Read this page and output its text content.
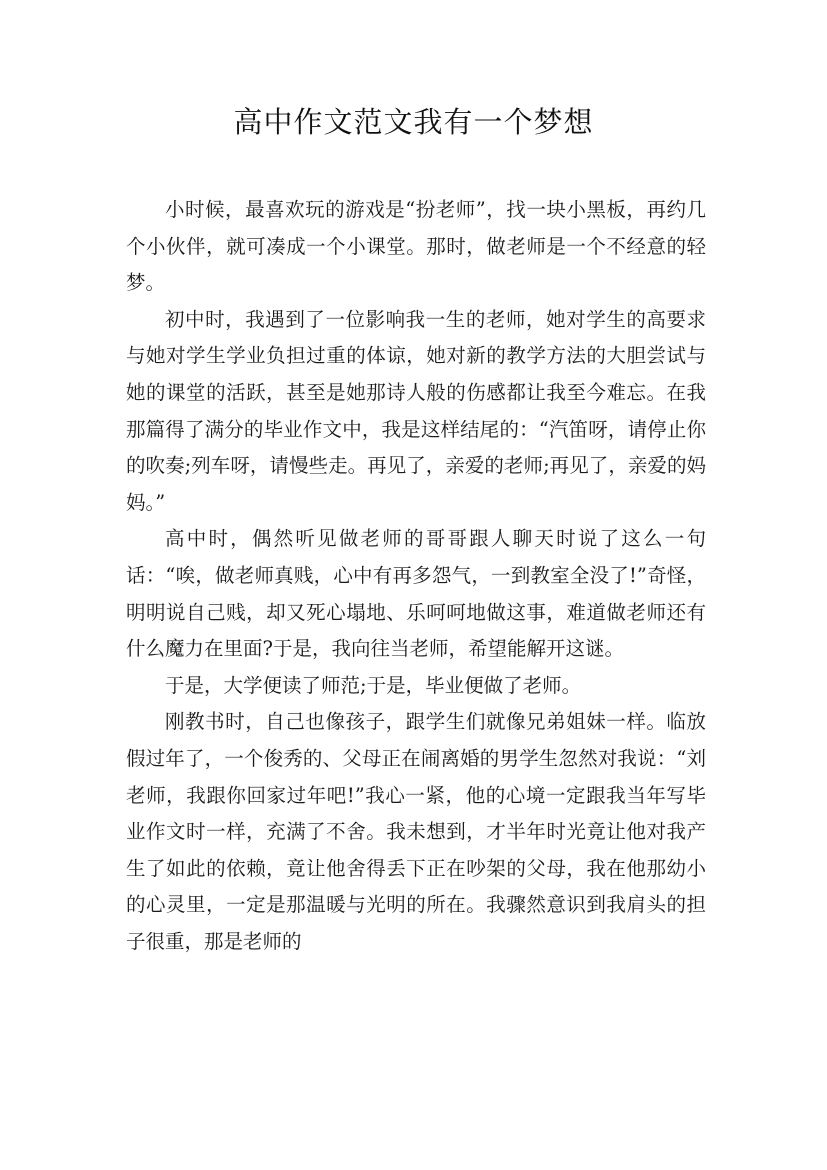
高中作文范文我有一个梦想

小时候，最喜欢玩的游戏是“扮老师”，找一块小黑板，再约几个小伙伴，就可凑成一个小课堂。那时，做老师是一个不经意的轻梦。

初中时，我遇到了一位影响我一生的老师，她对学生的高要求与她对学生学业负担过重的体谅，她对新的教学方法的大胆尝试与她的课堂的活跃，甚至是她那诗人般的伤感都让我至今难忘。在我那篇得了满分的毕业作文中，我是这样结尾的：“汽笛呀，请停止你的吹奏;列车呀，请慢些走。再见了，亲爱的老师;再见了，亲爱的妈妈。”

高中时，偶然听见做老师的哥哥跟人聊天时说了这么一句话：“唉，做老师真贱，心中有再多怨气，一到教室全没了!”奇怪，明明说自己贱，却又死心塌地、乐呵呵地做这事，难道做老师还有什么魔力在里面?于是，我向往当老师，希望能解开这谜。

于是，大学便读了师范;于是，毕业便做了老师。

刚教书时，自己也像孩子，跟学生们就像兄弟姐妹一样。临放假过年了，一个俊秀的、父母正在闹离婚的男学生忽然对我说：“刘老师，我跟你回家过年吧!”我心一紧，他的心境一定跟我当年写毕业作文时一样，充满了不舍。我未想到，才半年时光竟让他对我产生了如此的依赖，竟让他舍得丢下正在吵架的父母，我在他那幼小的心灵里，一定是那温暖与光明的所在。我骤然意识到我肩头的担子很重，那是老师的
